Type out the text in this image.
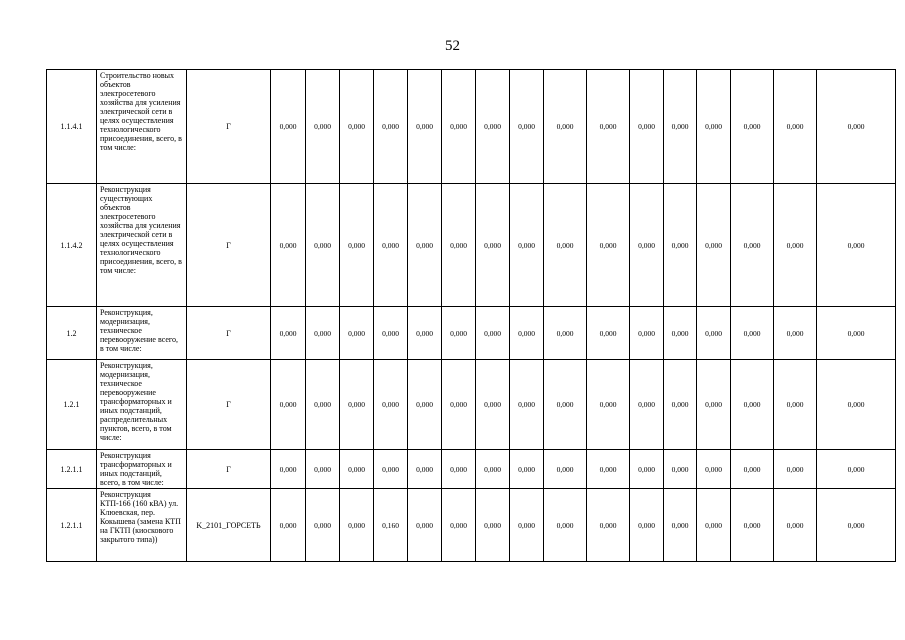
52
1.1.4.1	Строительство новых объектов электросетевого хозяйства для усиления электрической сети в целях осуществления технологического присоединения, всего, в том числе:	Г	0,000	0,000	0,000	0,000	0,000	0,000	0,000	0,000	0,000	0,000	0,000	0,000	0,000	0,000	0,000	0,000
1.1.4.2	Реконструкция существующих объектов электросетевого хозяйства для усиления электрической сети в целях осуществления технологического присоединения, всего, в том числе:	Г	0,000	0,000	0,000	0,000	0,000	0,000	0,000	0,000	0,000	0,000	0,000	0,000	0,000	0,000	0,000	0,000
1.2	Реконструкция, модернизация, техническое перевооружение всего, в том числе:	Г	0,000	0,000	0,000	0,000	0,000	0,000	0,000	0,000	0,000	0,000	0,000	0,000	0,000	0,000	0,000	0,000
1.2.1	Реконструкция, модернизация, техническое перевооружение трансформаторных и иных подстанций, распределительных пунктов, всего, в том числе:	Г	0,000	0,000	0,000	0,000	0,000	0,000	0,000	0,000	0,000	0,000	0,000	0,000	0,000	0,000	0,000	0,000
1.2.1.1	Реконструкция трансформаторных и иных подстанций, всего, в том числе:	Г	0,000	0,000	0,000	0,000	0,000	0,000	0,000	0,000	0,000	0,000	0,000	0,000	0,000	0,000	0,000	0,000
1.2.1.1	Реконструкция КТП-166 (160 кВА) ул. Клюевская, пер. Кокышева (замена КТП на ГКТП (киоскового закрытого типа))	K_2101_ГОРСЕТЬ	0,000	0,000	0,000	0,160	0,000	0,000	0,000	0,000	0,000	0,000	0,000	0,000	0,000	0,000	0,000	0,000
